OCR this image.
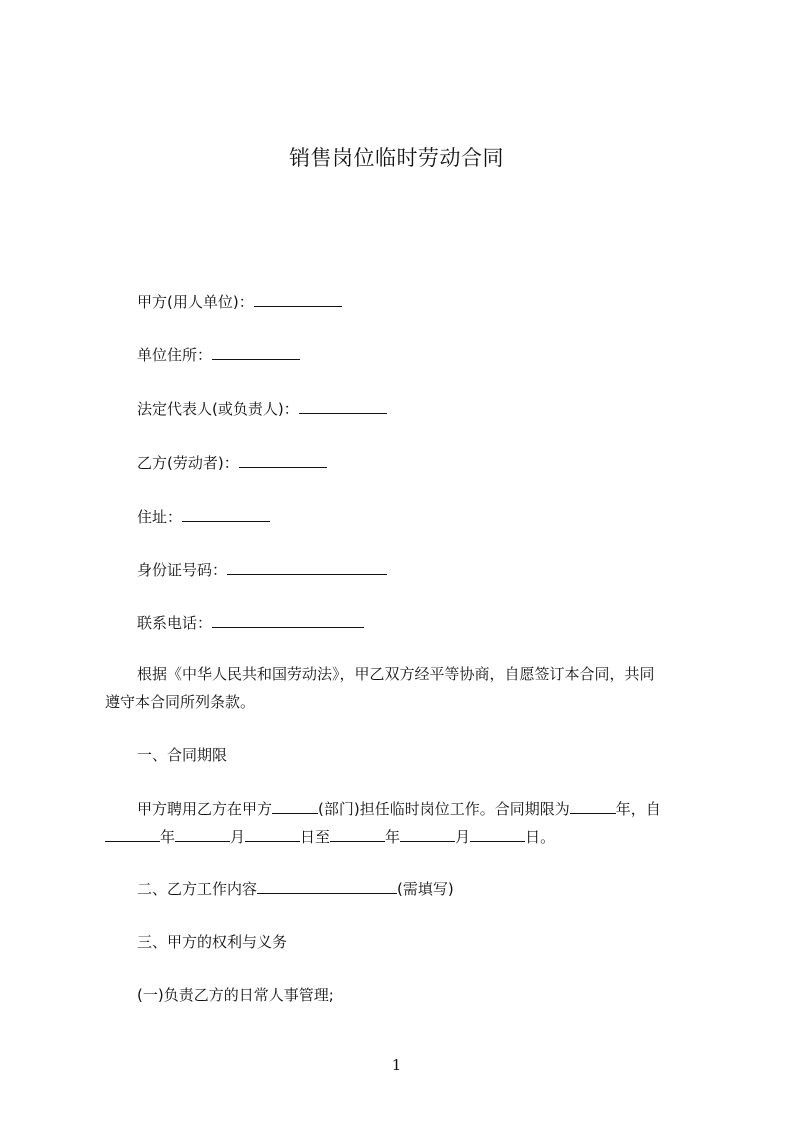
销售岗位临时劳动合同
甲方(用人单位)：
单位住所：
法定代表人(或负责人)：
乙方(劳动者)：
住址：
身份证号码：
联系电话：
根据《中华人民共和国劳动法》，甲乙双方经平等协商，自愿签订本合同，共同
遵守本合同所列条款。
一、合同期限
甲方聘用乙方在甲方	(部门)担任临时岗位工作。合同期限为	年，自
年	月	日至	年	月	日。
二、乙方工作内容	(需填写)
三、甲方的权利与义务
(一)负责乙方的日常人事管理;
1
